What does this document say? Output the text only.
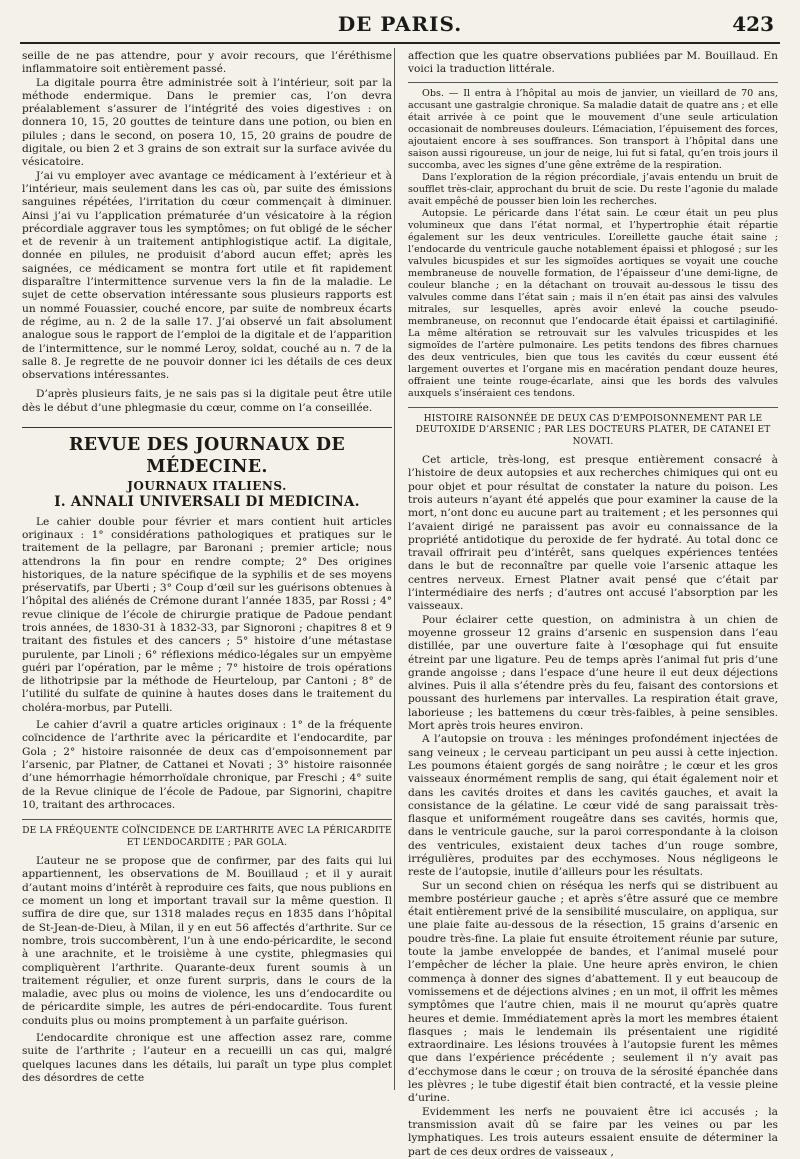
DE PARIS.	423

seille de ne pas attendre, pour y avoir recours, que l’éréthisme inflammatoire soit entièrement passé.

La digitale pourra être administrée soit à l’intérieur, soit par la méthode endermique. Dans le premier cas, l’on devra préalablement s’assurer de l’intégrité des voies digestives : on donnera 10, 15, 20 gouttes de teinture dans une potion, ou bien en pilules ; dans le second, on posera 10, 15, 20 grains de poudre de digitale, ou bien 2 et 3 grains de son extrait sur la surface avivée du vésicatoire.

J’ai vu employer avec avantage ce médicament à l’extérieur et à l’intérieur, mais seulement dans les cas où, par suite des émissions sanguines répétées, l’irritation du cœur commençait à diminuer. Ainsi j’ai vu l’application prématurée d’un vésicatoire à la région précordiale aggraver tous les symptômes; on fut obligé de le sécher et de revenir à un traitement antiphlogistique actif. La digitale, donnée en pilules, ne produisit d’abord aucun effet; après les saignées, ce médicament se montra fort utile et fit rapidement disparaître l’intermittence survenue vers la fin de la maladie. Le sujet de cette observation intéressante sous plusieurs rapports est un nommé Fouassier, couché encore, par suite de nombreux écarts de régime, au n. 2 de la salle 17. J’ai observé un fait absolument analogue sous le rapport de l’emploi de la digitale et de l’apparition de l’intermittence, sur le nommé Leroy, soldat, couché au n. 7 de la salle 8. Je regrette de ne pouvoir donner ici les détails de ces deux observations intéressantes.

D’après plusieurs faits, je ne sais pas si la digitale peut être utile dès le début d’une phlegmasie du cœur, comme on l’a conseillée.

REVUE DES JOURNAUX DE MÉDECINE.
JOURNAUX ITALIENS.
I. ANNALI UNIVERSALI DI MEDICINA.

Le cahier double pour février et mars contient huit articles originaux : 1° considérations pathologiques et pratiques sur le traitement de la pellagre, par Baronani ; premier article; nous attendrons la fin pour en rendre compte; 2° Des origines historiques, de la nature spécifique de la syphilis et de ses moyens préservatifs, par Uberti ; 3° Coup d’œil sur les guérisons obtenues à l’hôpital des aliénés de Crémone durant l’année 1835, par Rossi ; 4° revue clinique de l’école de chirurgie pratique de Padoue pendant trois années, de 1830-31 à 1832-33, par Signoroni ; chapitres 8 et 9 traitant des fistules et des cancers ; 5° histoire d’une métastase purulente, par Linoli ; 6° réflexions médico-légales sur un empyème guéri par l’opération, par le même ; 7° histoire de trois opérations de lithotripsie par la méthode de Heurteloup, par Cantoni ; 8° de l’utilité du sulfate de quinine à hautes doses dans le traitement du choléra-morbus, par Putelli.

Le cahier d’avril a quatre articles originaux : 1° de la fréquente coïncidence de l’arthrite avec la péricardite et l’endocardite, par Gola ; 2° histoire raisonnée de deux cas d’empoisonnement par l’arsenic, par Platner, de Cattanei et Novati ; 3° histoire raisonnée d’une hémorrhagie hémorrhoïdale chronique, par Freschi ; 4° suite de la Revue clinique de l’école de Padoue, par Signorini, chapitre 10, traitant des arthrocaces.

DE LA FRÉQUENTE COÏNCIDENCE DE L’ARTHRITE AVEC LA PÉRICARDITE ET L’ENDOCARDITE ; PAR GOLA.

L’auteur ne se propose que de confirmer, par des faits qui lui appartiennent, les observations de M. Bouillaud ; et il y aurait d’autant moins d’intérêt à reproduire ces faits, que nous publions en ce moment un long et important travail sur la même question. Il suffira de dire que, sur 1318 malades reçus en 1835 dans l’hôpital de St-Jean-de-Dieu, à Milan, il y en eut 56 affectés d’arthrite. Sur ce nombre, trois succombèrent, l’un à une endo-péricardite, le second à une arachnite, et le troisième à une cystite, phlegmasies qui compliquèrent l’arthrite. Quarante-deux furent soumis à un traitement régulier, et onze furent surpris, dans le cours de la maladie, avec plus ou moins de violence, les uns d’endocardite ou de péricardite simple, les autres de péri-endocardite. Tous furent conduits plus ou moins promptement à un parfaite guérison.

L’endocardite chronique est une affection assez rare, comme suite de l’arthrite ; l’auteur en a recueilli un cas qui, malgré quelques lacunes dans les détails, lui paraît un type plus complet des désordres de cette

affection que les quatre observations publiées par M. Bouillaud. En voici la traduction littérale.

Obs. — Il entra à l’hôpital au mois de janvier, un vieillard de 70 ans, accusant une gastralgie chronique. Sa maladie datait de quatre ans ; et elle était arrivée à ce point que le mouvement d’une seule articulation occasionait de nombreuses douleurs. L’émaciation, l’épuisement des forces, ajoutaient encore à ses souffrances. Son transport à l’hôpital dans une saison aussi rigoureuse, un jour de neige, lui fut si fatal, qu’en trois jours il succomba, avec les signes d’une gêne extrême de la respiration.

Dans l’exploration de la région précordiale, j’avais entendu un bruit de soufflet très-clair, approchant du bruit de scie. Du reste l’agonie du malade avait empêché de pousser bien loin les recherches.

Autopsie. Le péricarde dans l’état sain. Le cœur était un peu plus volumineux que dans l’état normal, et l’hypertrophie était répartie également sur les deux ventricules. L’oreillette gauche était saine ; l’endocarde du ventricule gauche notablement épaissi et phlogosé ; sur les valvules bicuspides et sur les sigmoïdes aortiques se voyait une couche membraneuse de nouvelle formation, de l’épaisseur d’une demi-ligne, de couleur blanche ; en la détachant on trouvait au-dessous le tissu des valvules comme dans l’état sain ; mais il n’en était pas ainsi des valvules mitrales, sur lesquelles, après avoir enlevé la couche pseudo-membraneuse, on reconnut que l’endocarde était épaissi et cartilaginifié. La même altération se retrouvait sur les valvules tricuspides et les sigmoïdes de l’artère pulmonaire. Les petits tendons des fibres charnues des deux ventricules, bien que tous les cavités du cœur eussent été largement ouvertes et l’organe mis en macération pendant douze heures, offraient une teinte rouge-écarlate, ainsi que les bords des valvules auxquels s’inséraient ces tendons.

HISTOIRE RAISONNÉE DE DEUX CAS D’EMPOISONNEMENT PAR LE DEUTOXIDE D’ARSENIC ; PAR LES DOCTEURS PLATER, DE CATANEI ET NOVATI.

Cet article, très-long, est presque entièrement consacré à l’histoire de deux autopsies et aux recherches chimiques qui ont eu pour objet et pour résultat de constater la nature du poison. Les trois auteurs n’ayant été appelés que pour examiner la cause de la mort, n’ont donc eu aucune part au traitement ; et les personnes qui l’avaient dirigé ne paraissent pas avoir eu connaissance de la propriété antidotique du peroxide de fer hydraté. Au total donc ce travail offrirait peu d’intérêt, sans quelques expériences tentées dans le but de reconnaître par quelle voie l’arsenic attaque les centres nerveux. Ernest Platner avait pensé que c’était par l’intermédiaire des nerfs ; d’autres ont accusé l’absorption par les vaisseaux.

Pour éclairer cette question, on administra à un chien de moyenne grosseur 12 grains d’arsenic en suspension dans l’eau distillée, par une ouverture faite à l’œsophage qui fut ensuite étreint par une ligature. Peu de temps après l’animal fut pris d’une grande angoisse ; dans l’espace d’une heure il eut deux déjections alvines. Puis il alla s’étendre près du feu, faisant des contorsions et poussant des hurlemens par intervalles. La respiration était grave, laborieuse ; les battemens du cœur très-faibles, à peine sensibles. Mort après trois heures environ.

A l’autopsie on trouva : les méninges profondément injectées de sang veineux ; le cerveau participant un peu aussi à cette injection. Les poumons étaient gorgés de sang noirâtre ; le cœur et les gros vaisseaux énormément remplis de sang, qui était également noir et dans les cavités droites et dans les cavités gauches, et avait la consistance de la gélatine. Le cœur vidé de sang paraissait très-flasque et uniformément rougeâtre dans ses cavités, hormis que, dans le ventricule gauche, sur la paroi correspondante à la cloison des ventricules, existaient deux taches d’un rouge sombre, irrégulières, produites par des ecchymoses. Nous négligeons le reste de l’autopsie, inutile d’ailleurs pour les résultats.

Sur un second chien on réséqua les nerfs qui se distribuent au membre postérieur gauche ; et après s’être assuré que ce membre était entièrement privé de la sensibilité musculaire, on appliqua, sur une plaie faite au-dessous de la résection, 15 grains d’arsenic en poudre très-fine. La plaie fut ensuite étroitement réunie par suture, toute la jambe enveloppée de bandes, et l’animal muselé pour l’empêcher de lécher la plaie. Une heure après environ, le chien commença à donner des signes d’abattement. Il y eut beaucoup de vomissemens et de déjections alvines ; en un mot, il offrit les mêmes symptômes que l’autre chien, mais il ne mourut qu’après quatre heures et demie. Immédiatement après la mort les membres étaient flasques ; mais le lendemain ils présentaient une rigidité extraordinaire. Les lésions trouvées à l’autopsie furent les mêmes que dans l’expérience précédente ; seulement il n’y avait pas d’ecchymose dans le cœur ; on trouva de la sérosité épanchée dans les plèvres ; le tube digestif était bien contracté, et la vessie pleine d’urine.

Evidemment les nerfs ne pouvaient être ici accusés ; la transmission avait dû se faire par les veines ou par les lymphatiques. Les trois auteurs essaient ensuite de déterminer la part de ces deux ordres de vaisseaux ,
